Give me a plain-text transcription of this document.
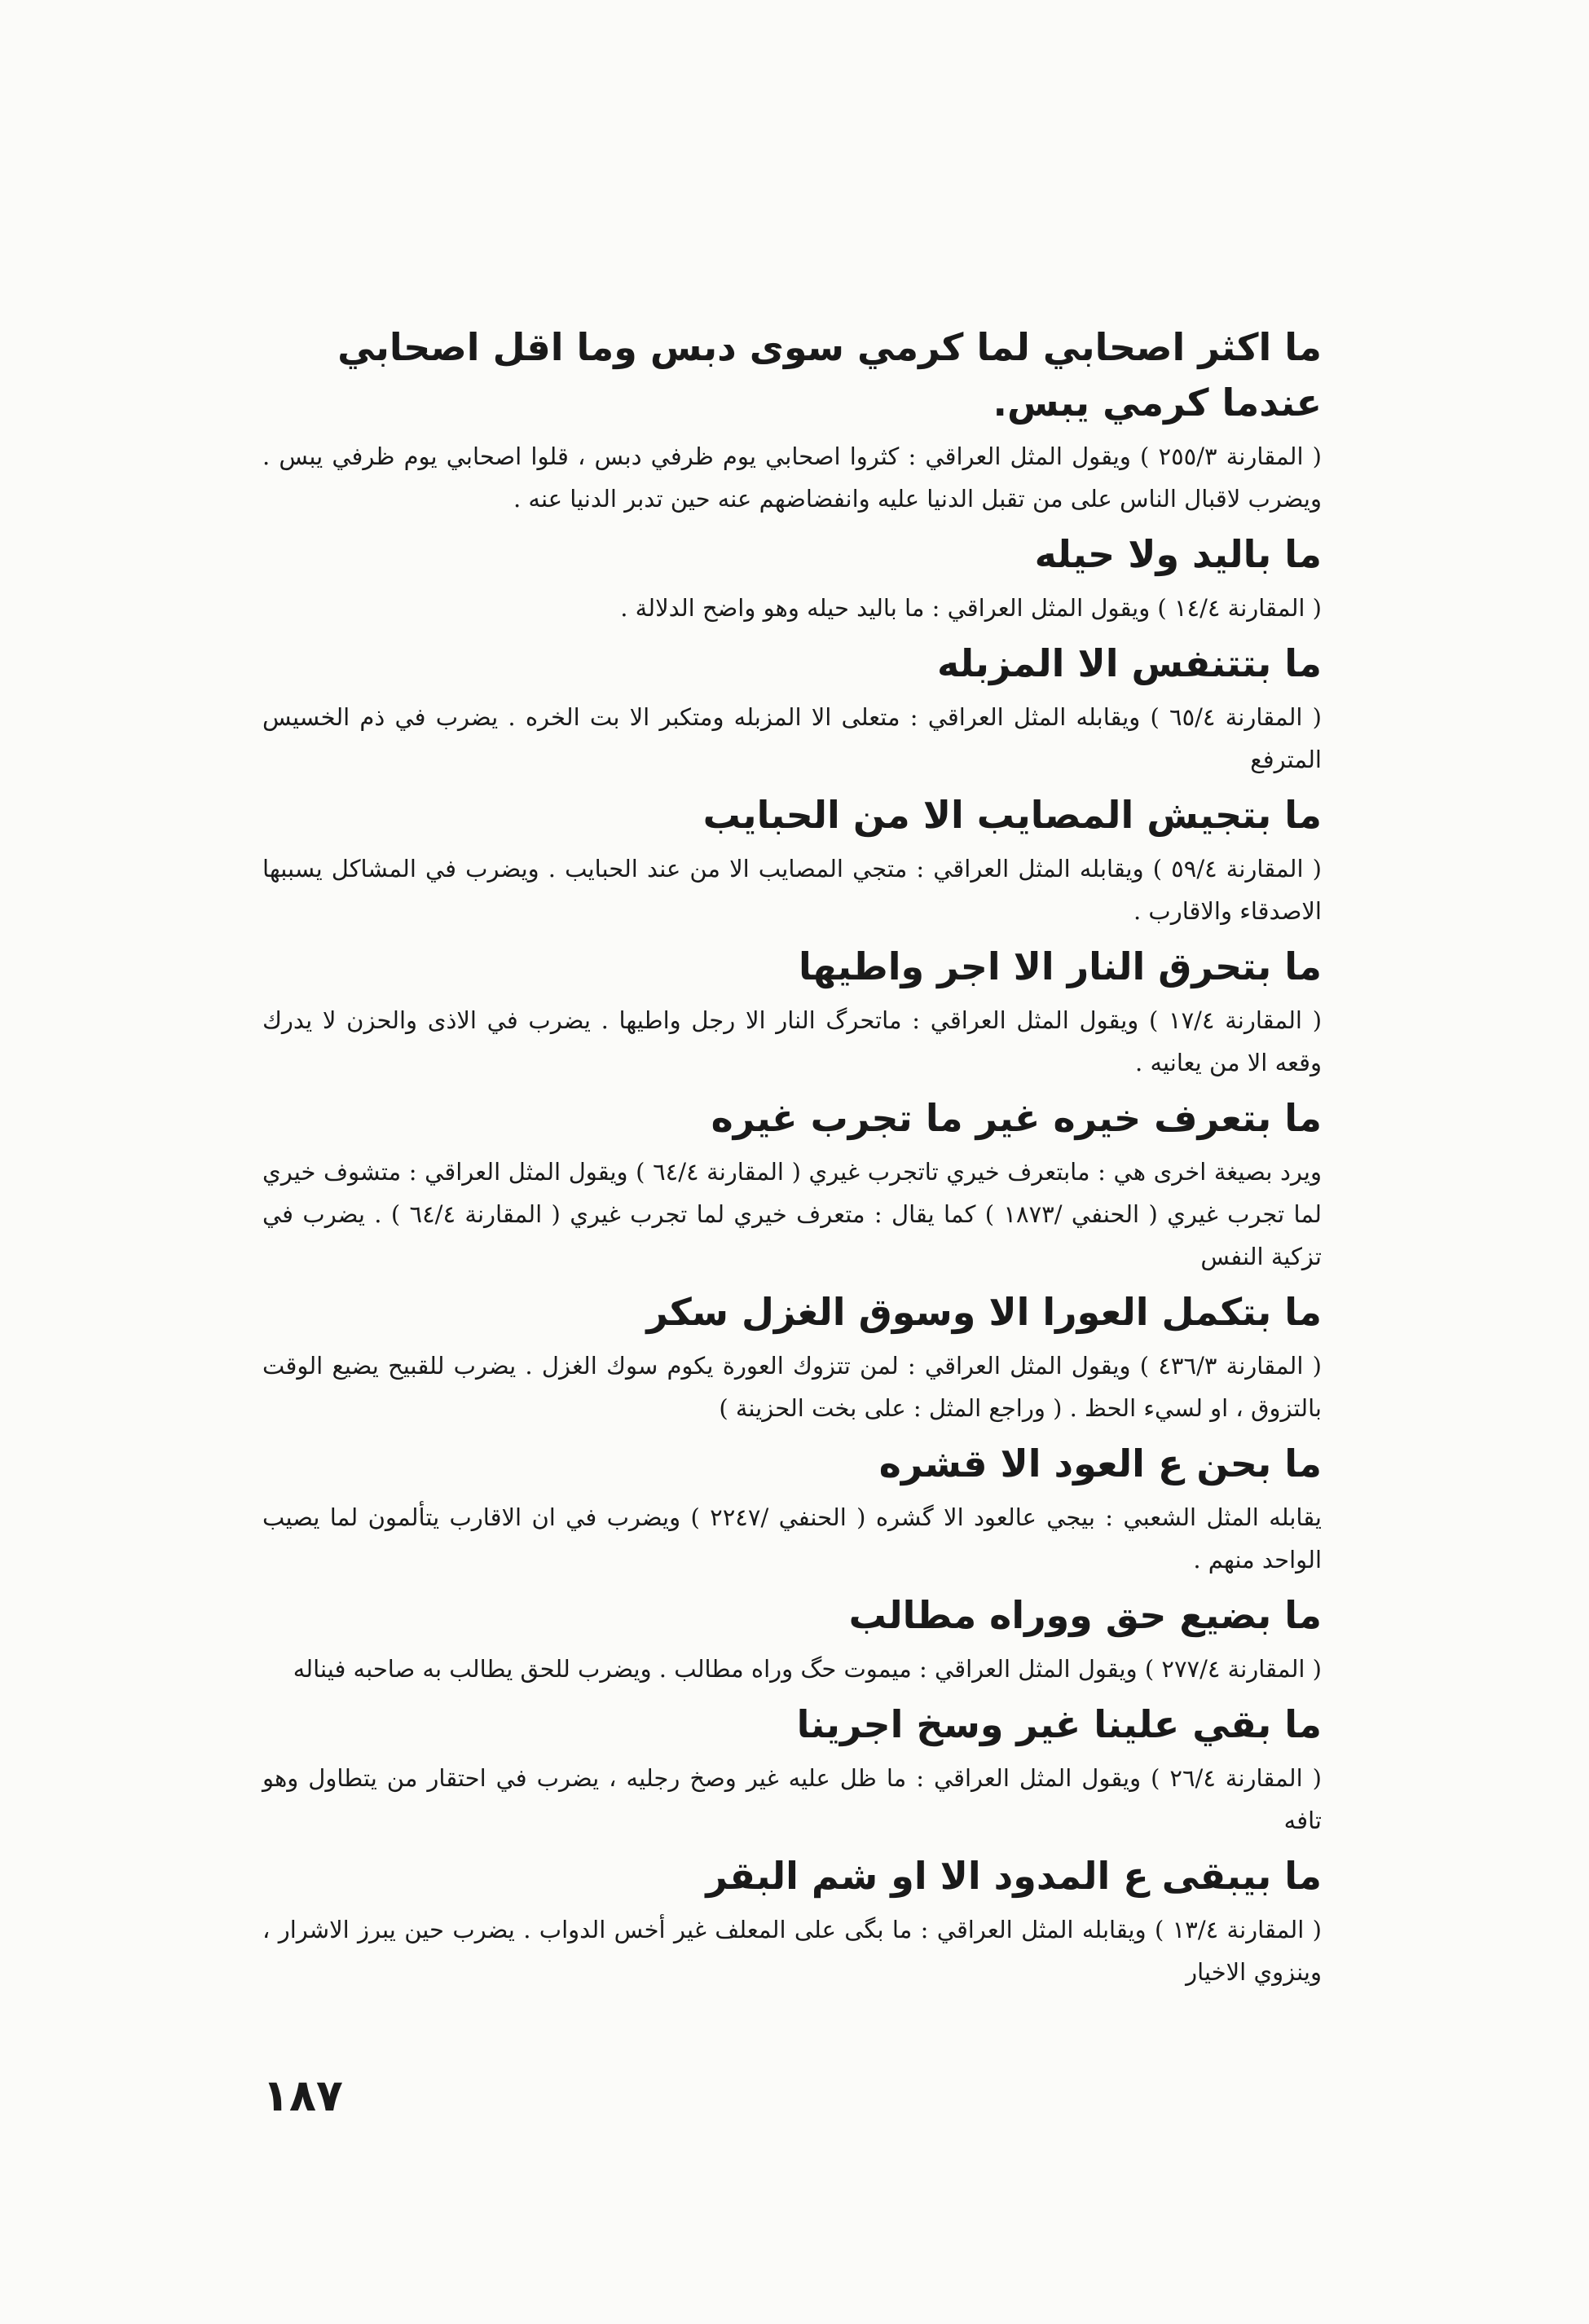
ما اكثر اصحابي لما كرمي سوى دبس وما اقل اصحابي عندما كرمي يبس.
( المقارنة ٢٥٥/٣ ) ويقول المثل العراقي : كثروا اصحابي يوم ظرفي دبس ، قلوا اصحابي يوم ظرفي يبس . ويضرب لاقبال الناس على من تقبل الدنيا عليه وانفضاضهم عنه حين تدبر الدنيا عنه .
ما باليد ولا حيله
( المقارنة ١٤/٤ ) ويقول المثل العراقي : ما باليد حيله وهو واضح الدلالة .
ما بتتنفس الا المزبله
( المقارنة ٦٥/٤ ) ويقابله المثل العراقي : متعلى الا المزبله ومتكبر الا بت الخره . يضرب في ذم الخسيس المترفع
ما بتجيش المصايب الا من الحبايب
( المقارنة ٥٩/٤ ) ويقابله المثل العراقي : متجي المصايب الا من عند الحبايب . ويضرب في المشاكل يسببها الاصدقاء والاقارب .
ما بتحرق النار الا اجر واطيها
( المقارنة ١٧/٤ ) ويقول المثل العراقي : ماتحرگ النار الا رجل واطيها . يضرب في الاذى والحزن لا يدرك وقعه الا من يعانيه .
ما بتعرف خيره غير ما تجرب غيره
ويرد بصيغة اخرى هي : مابتعرف خيري تاتجرب غيري ( المقارنة ٦٤/٤ ) ويقول المثل العراقي : متشوف خيري لما تجرب غيري ( الحنفي /١٨٧٣ ) كما يقال : متعرف خيري لما تجرب غيري ( المقارنة ٦٤/٤ ) . يضرب في تزكية النفس
ما بتكمل العورا الا وسوق الغزل سكر
( المقارنة ٤٣٦/٣ ) ويقول المثل العراقي : لمن تتزوك العورة يكوم سوك الغزل . يضرب للقبيح يضيع الوقت بالتزوق ، او لسيء الحظ . ( وراجع المثل : على بخت الحزينة )
ما بحن ع العود الا قشره
يقابله المثل الشعبي : بيجي عالعود الا گشره ( الحنفي /٢٢٤٧ ) ويضرب في ان الاقارب يتألمون لما يصيب الواحد منهم .
ما بضيع حق ووراه مطالب
( المقارنة ٢٧٧/٤ ) ويقول المثل العراقي : ميموت حگ وراه مطالب . ويضرب للحق يطالب به صاحبه فيناله
ما بقي علينا غير وسخ اجرينا
( المقارنة ٢٦/٤ ) ويقول المثل العراقي : ما ظل عليه غير وصخ رجليه ، يضرب في احتقار من يتطاول وهو تافه
ما بيبقى ع المدود الا او شم البقر
( المقارنة ١٣/٤ ) ويقابله المثل العراقي : ما بگى على المعلف غير أخس الدواب . يضرب حين يبرز الاشرار ، وينزوي الاخيار
١٨٧
